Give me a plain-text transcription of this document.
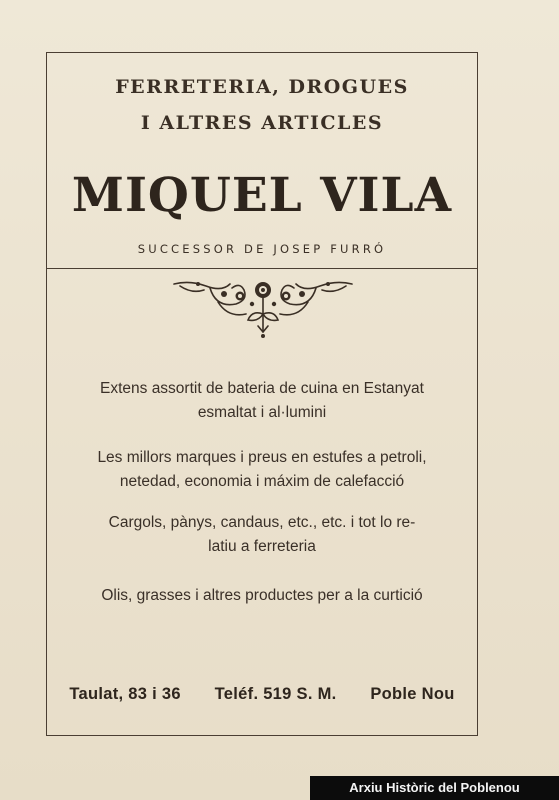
FERRETERIA, DROGUES
I ALTRES ARTICLES
MIQUEL VILA
SUCCESSOR DE JOSEP FURRÓ
Extens assortit de bateria de cuina en Estanyat
esmaltat i al·lumini
Les millors marques i preus en estufes a petroli,
netedad, economia i máxim de calefacció
Cargols, pànys, candaus, etc., etc. i tot lo re-
latiu a ferreteria
Olis, grasses i altres productes per a la curtició
Taulat, 83 i 36 Teléf. 519 S. M. Poble Nou
Arxiu Històric del Poblenou
